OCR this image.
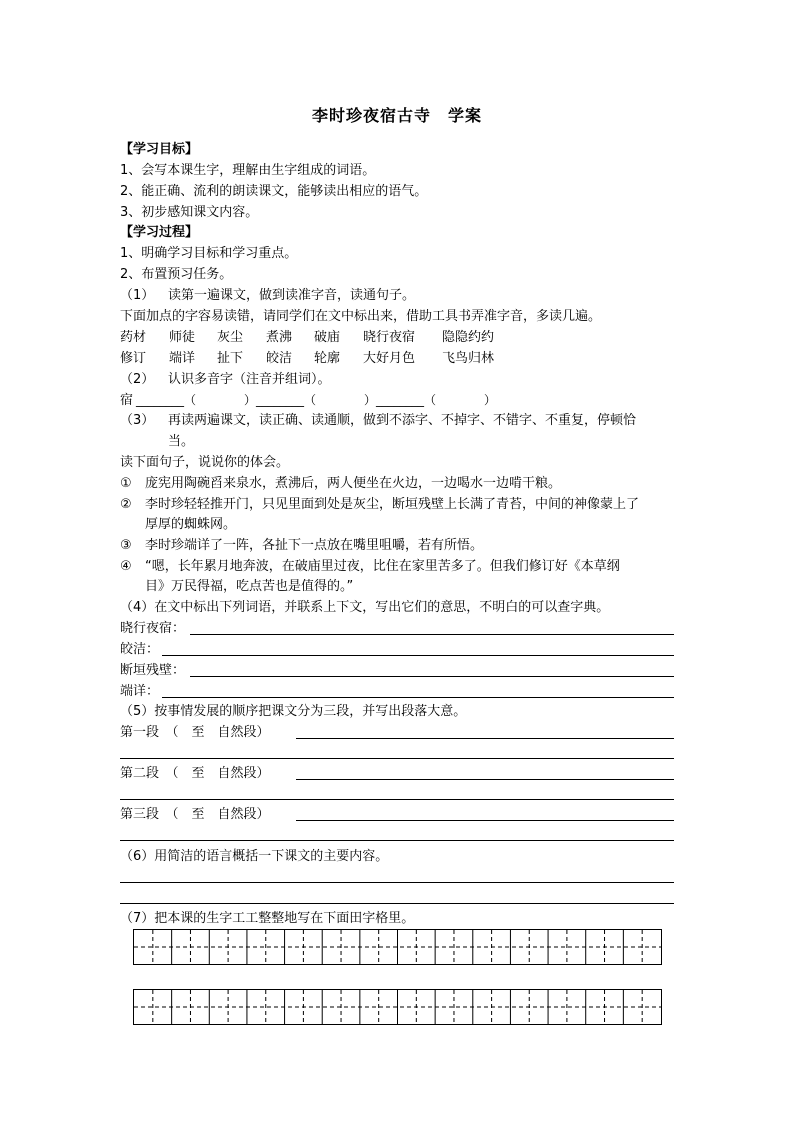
李时珍夜宿古寺　学案
【学习目标】
1、会写本课生字，理解由生字组成的词语。
2、能正确、流利的朗读课文，能够读出相应的语气。
3、初步感知课文内容。
【学习过程】
1、明确学习目标和学习重点。
2、布置预习任务。
（1） 读第一遍课文，做到读准字音，读通句子。
下面加点的字容易读错，请同学们在文中标出来，借助工具书弄准字音，多读几遍。
药材 师徒 灰尘 煮沸 破庙 晓行夜宿 隐隐约约
修订 端详 扯下 皎洁 轮廓 大好月色 飞鸟归林
（2） 认识多音字（注音并组词）。
宿 ________（　　　　）________（　　　　）________（　　　　）
（3） 再读两遍课文，读正确、读通顺，做到不添字、不掉字、不错字、不重复，停顿恰
当。
读下面句子，说说你的体会。
① 庞宪用陶碗舀来泉水，煮沸后，两人便坐在火边，一边喝水一边啃干粮。
② 李时珍轻轻推开门，只见里面到处是灰尘，断垣残壁上长满了青苔，中间的神像蒙上了
厚厚的蜘蛛网。
③ 李时珍端详了一阵，各扯下一点放在嘴里咀嚼，若有所悟。
④ “嗯，长年累月地奔波，在破庙里过夜，比住在家里苦多了。但我们修订好《本草纲
目》万民得福，吃点苦也是值得的。”
（4）在文中标出下列词语，并联系上下文，写出它们的意思，不明白的可以查字典。
晓行夜宿：
皎洁：
断垣残壁：
端详：
（5）按事情发展的顺序把课文分为三段，并写出段落大意。
第一段　（　至　自然段）
第二段　（　至　自然段）
第三段　（　至　自然段）
（6）用简洁的语言概括一下课文的主要内容。
（7）把本课的生字工工整整地写在下面田字格里。
